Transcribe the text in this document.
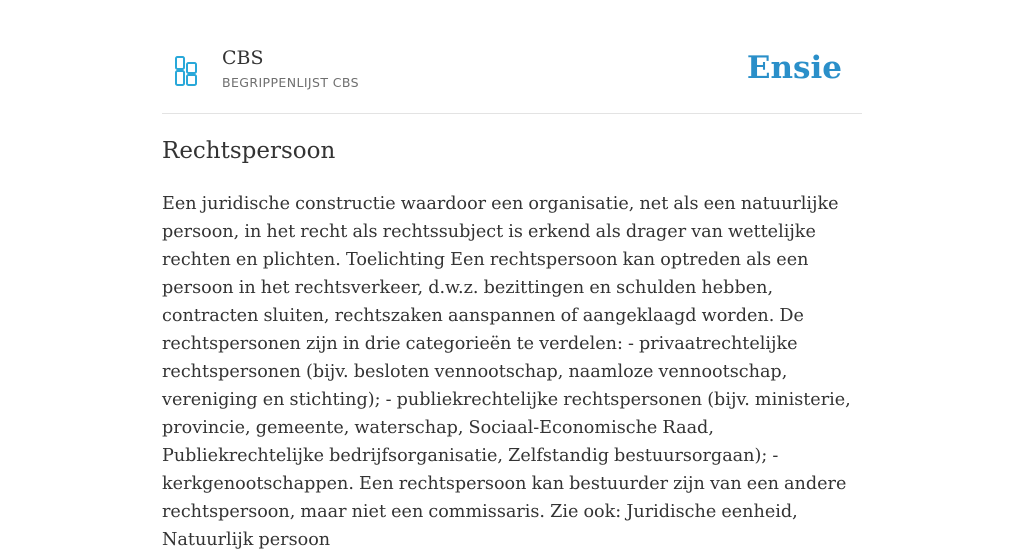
CBS
BEGRIPPENLIJST CBS	Ensie
Rechtspersoon

Een juridische constructie waardoor een organisatie, net als een natuurlijke persoon, in het recht als rechtssubject is erkend als drager van wettelijke rechten en plichten. Toelichting Een rechtspersoon kan optreden als een persoon in het rechtsverkeer, d.w.z. bezittingen en schulden hebben, contracten sluiten, rechtszaken aanspannen of aangeklaagd worden. De rechtspersonen zijn in drie categorieën te verdelen: - privaatrechtelijke rechtspersonen (bijv. besloten vennootschap, naamloze vennootschap, vereniging en stichting); - publiekrechtelijke rechtspersonen (bijv. ministerie, provincie, gemeente, waterschap, Sociaal-Economische Raad, Publiekrechtelijke bedrijfsorganisatie, Zelfstandig bestuursorgaan); - kerkgenootschappen. Een rechtspersoon kan bestuurder zijn van een andere rechtspersoon, maar niet een commissaris. Zie ook: Juridische eenheid, Natuurlijk persoon
